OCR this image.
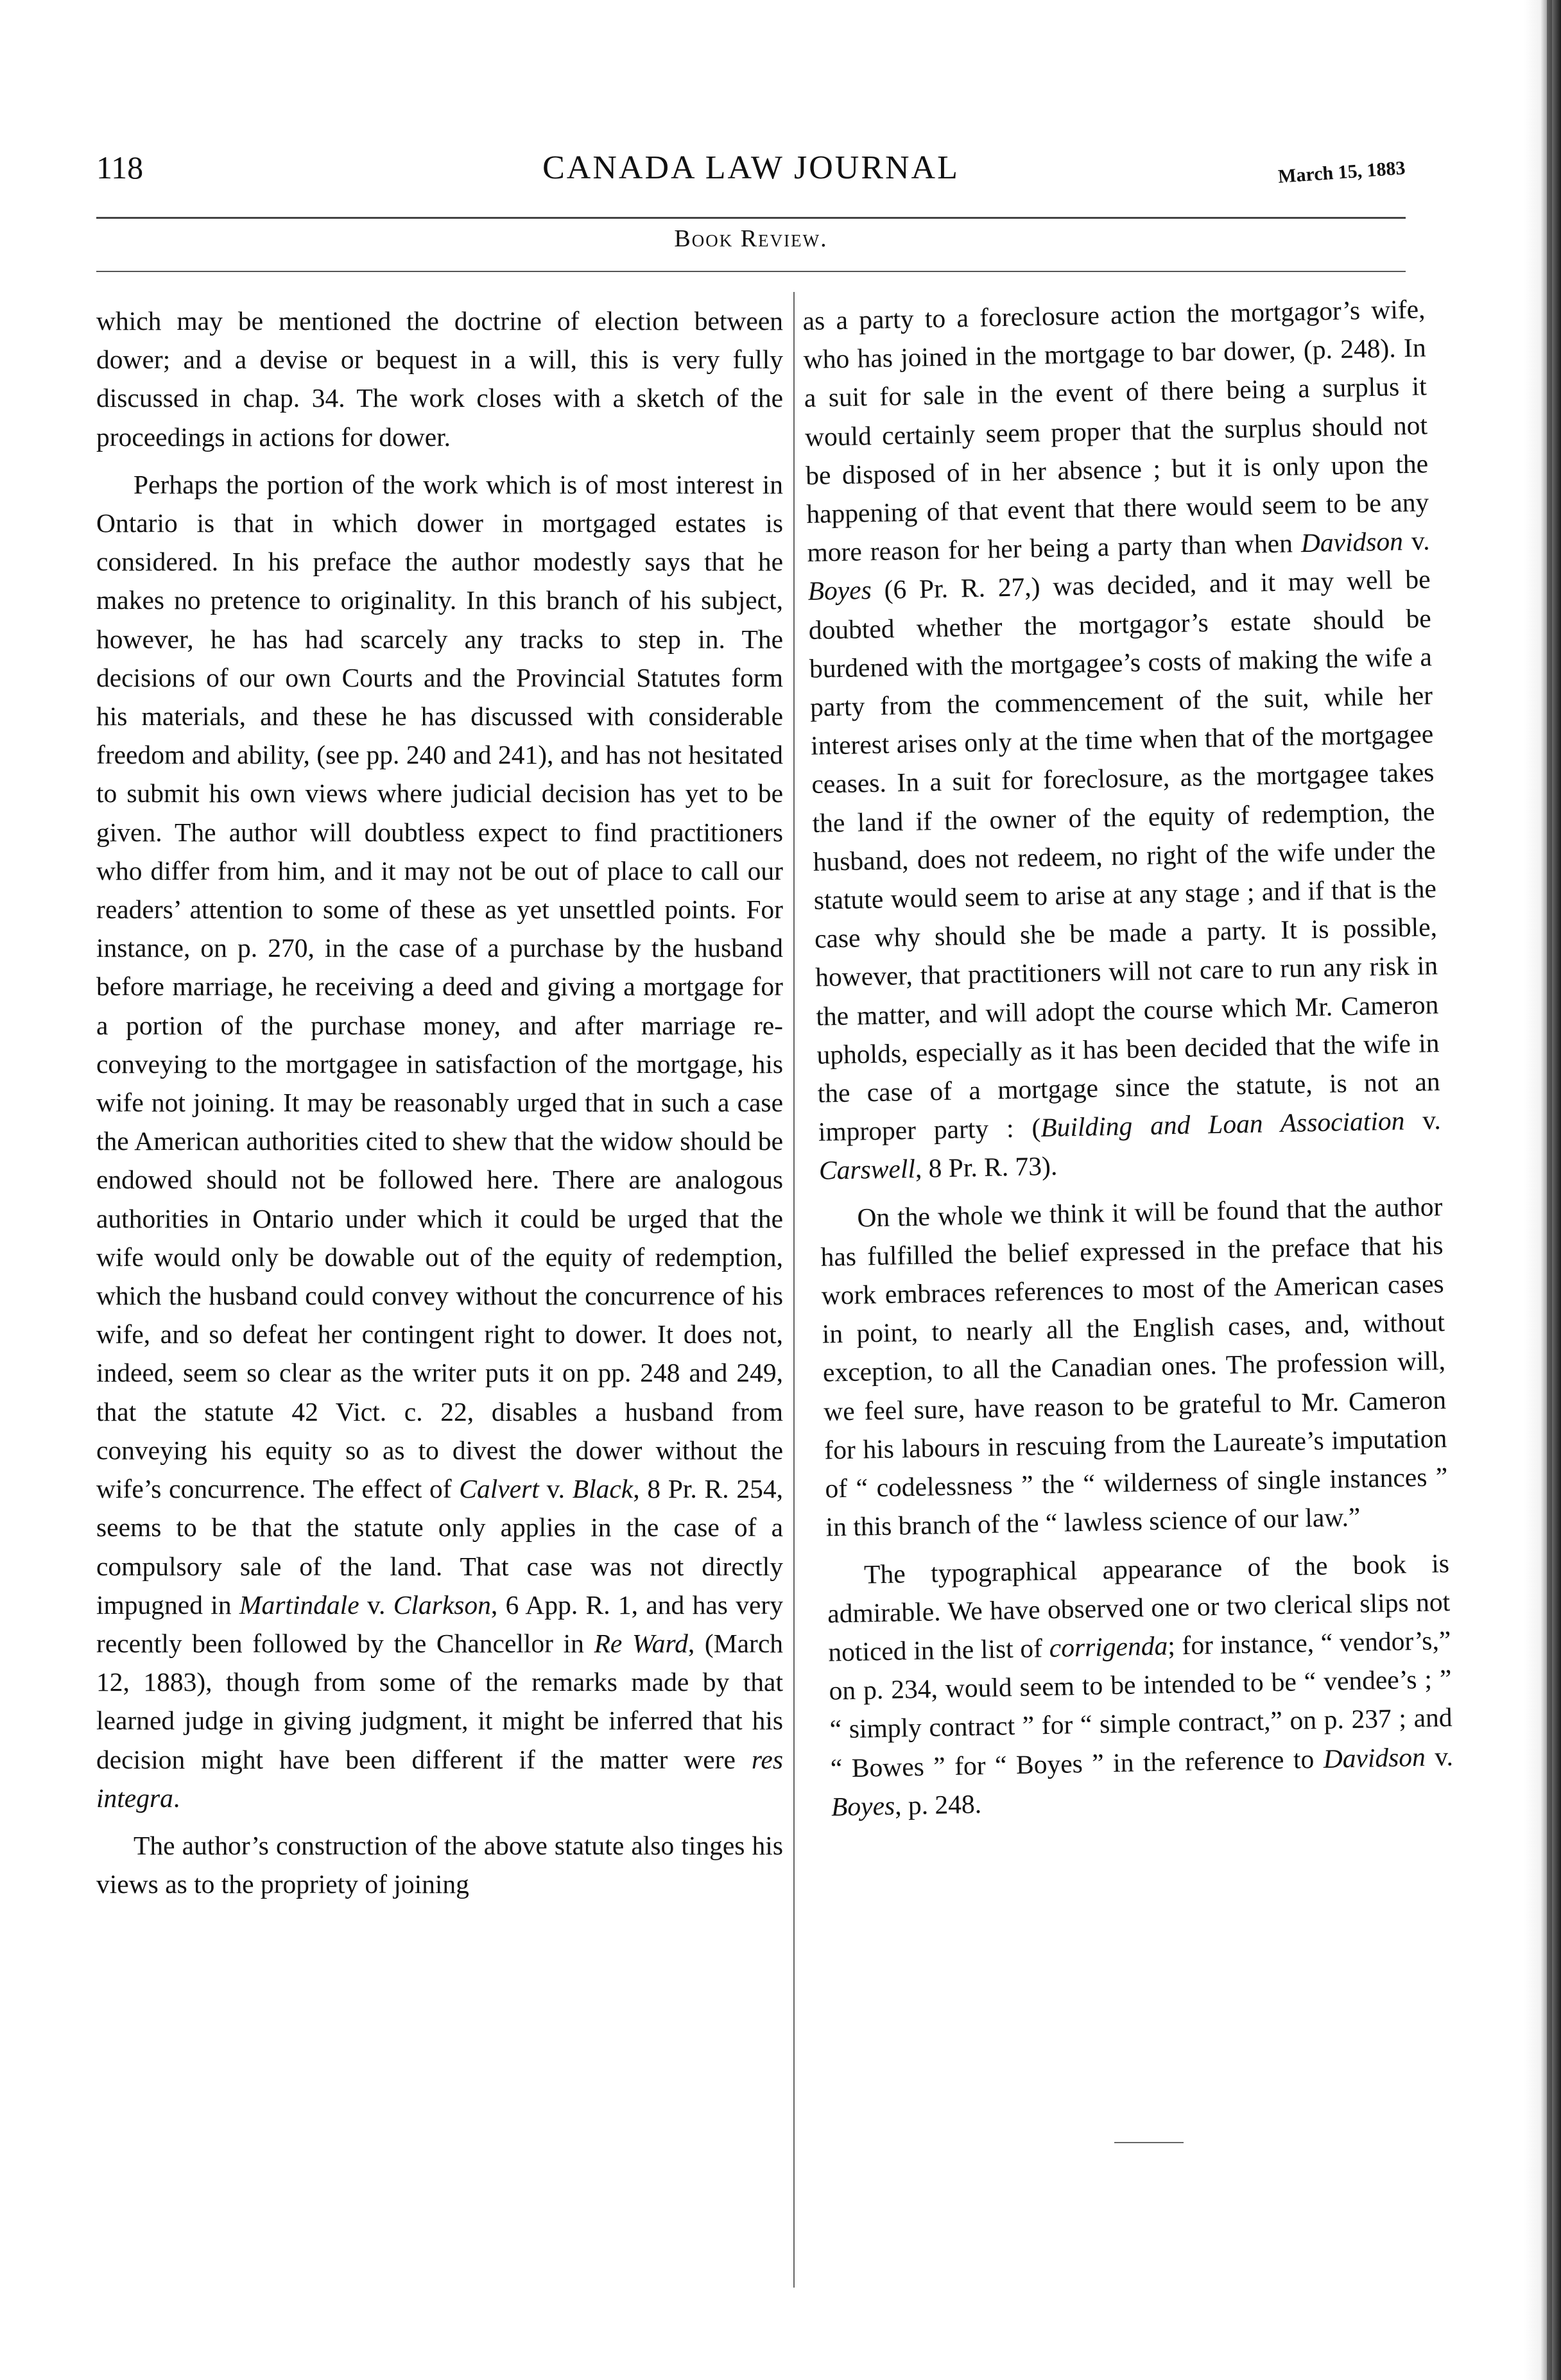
118	CANADA LAW JOURNAL	March 15, 1883
Book Review.

which may be mentioned the doctrine of election between dower; and a devise or bequest in a will, this is very fully discussed in chap. 34. The work closes with a sketch of the proceedings in actions for dower.

Perhaps the portion of the work which is of most interest in Ontario is that in which dower in mortgaged estates is considered. In his preface the author modestly says that he makes no pretence to originality. In this branch of his subject, however, he has had scarcely any tracks to step in. The decisions of our own Courts and the Provincial Statutes form his materials, and these he has discussed with considerable freedom and ability, (see pp. 240 and 241), and has not hesitated to submit his own views where judicial decision has yet to be given. The author will doubtless expect to find practitioners who differ from him, and it may not be out of place to call our readers’ attention to some of these as yet unsettled points. For instance, on p. 270, in the case of a purchase by the husband before marriage, he receiving a deed and giving a mortgage for a portion of the purchase money, and after marriage re-conveying to the mortgagee in satisfaction of the mortgage, his wife not joining. It may be reasonably urged that in such a case the American authorities cited to shew that the widow should be endowed should not be followed here. There are analogous authorities in Ontario under which it could be urged that the wife would only be dowable out of the equity of redemption, which the husband could convey without the concurrence of his wife, and so defeat her contingent right to dower. It does not, indeed, seem so clear as the writer puts it on pp. 248 and 249, that the statute 42 Vict. c. 22, disables a husband from conveying his equity so as to divest the dower without the wife’s concurrence. The effect of Calvert v. Black, 8 Pr. R. 254, seems to be that the statute only applies in the case of a compulsory sale of the land. That case was not directly impugned in Martindale v. Clarkson, 6 App. R. 1, and has very recently been followed by the Chancellor in Re Ward, (March 12, 1883), though from some of the remarks made by that learned judge in giving judgment, it might be inferred that his decision might have been different if the matter were res integra.

The author’s construction of the above statute also tinges his views as to the propriety of joining

as a party to a foreclosure action the mortgagor’s wife, who has joined in the mortgage to bar dower, (p. 248). In a suit for sale in the event of there being a surplus it would certainly seem proper that the surplus should not be disposed of in her absence ; but it is only upon the happening of that event that there would seem to be any more reason for her being a party than when Davidson v. Boyes (6 Pr. R. 27,) was decided, and it may well be doubted whether the mortgagor’s estate should be burdened with the mortgagee’s costs of making the wife a party from the commencement of the suit, while her interest arises only at the time when that of the mortgagee ceases. In a suit for foreclosure, as the mortgagee takes the land if the owner of the equity of redemption, the husband, does not redeem, no right of the wife under the statute would seem to arise at any stage ; and if that is the case why should she be made a party. It is possible, however, that practitioners will not care to run any risk in the matter, and will adopt the course which Mr. Cameron upholds, especially as it has been decided that the wife in the case of a mortgage since the statute, is not an improper party : (Building and Loan Association v. Carswell, 8 Pr. R. 73).

On the whole we think it will be found that the author has fulfilled the belief expressed in the preface that his work embraces references to most of the American cases in point, to nearly all the English cases, and, without exception, to all the Canadian ones. The profession will, we feel sure, have reason to be grateful to Mr. Cameron for his labours in rescuing from the Laureate’s imputation of “ codelessness ” the “ wilderness of single instances ” in this branch of the “ lawless science of our law.”

The typographical appearance of the book is admirable. We have observed one or two clerical slips not noticed in the list of corrigenda; for instance, “ vendor’s,” on p. 234, would seem to be intended to be “ vendee’s ; ” “ simply contract ” for “ simple contract,” on p. 237 ; and “ Bowes ” for “ Boyes ” in the reference to Davidson v. Boyes, p. 248.
